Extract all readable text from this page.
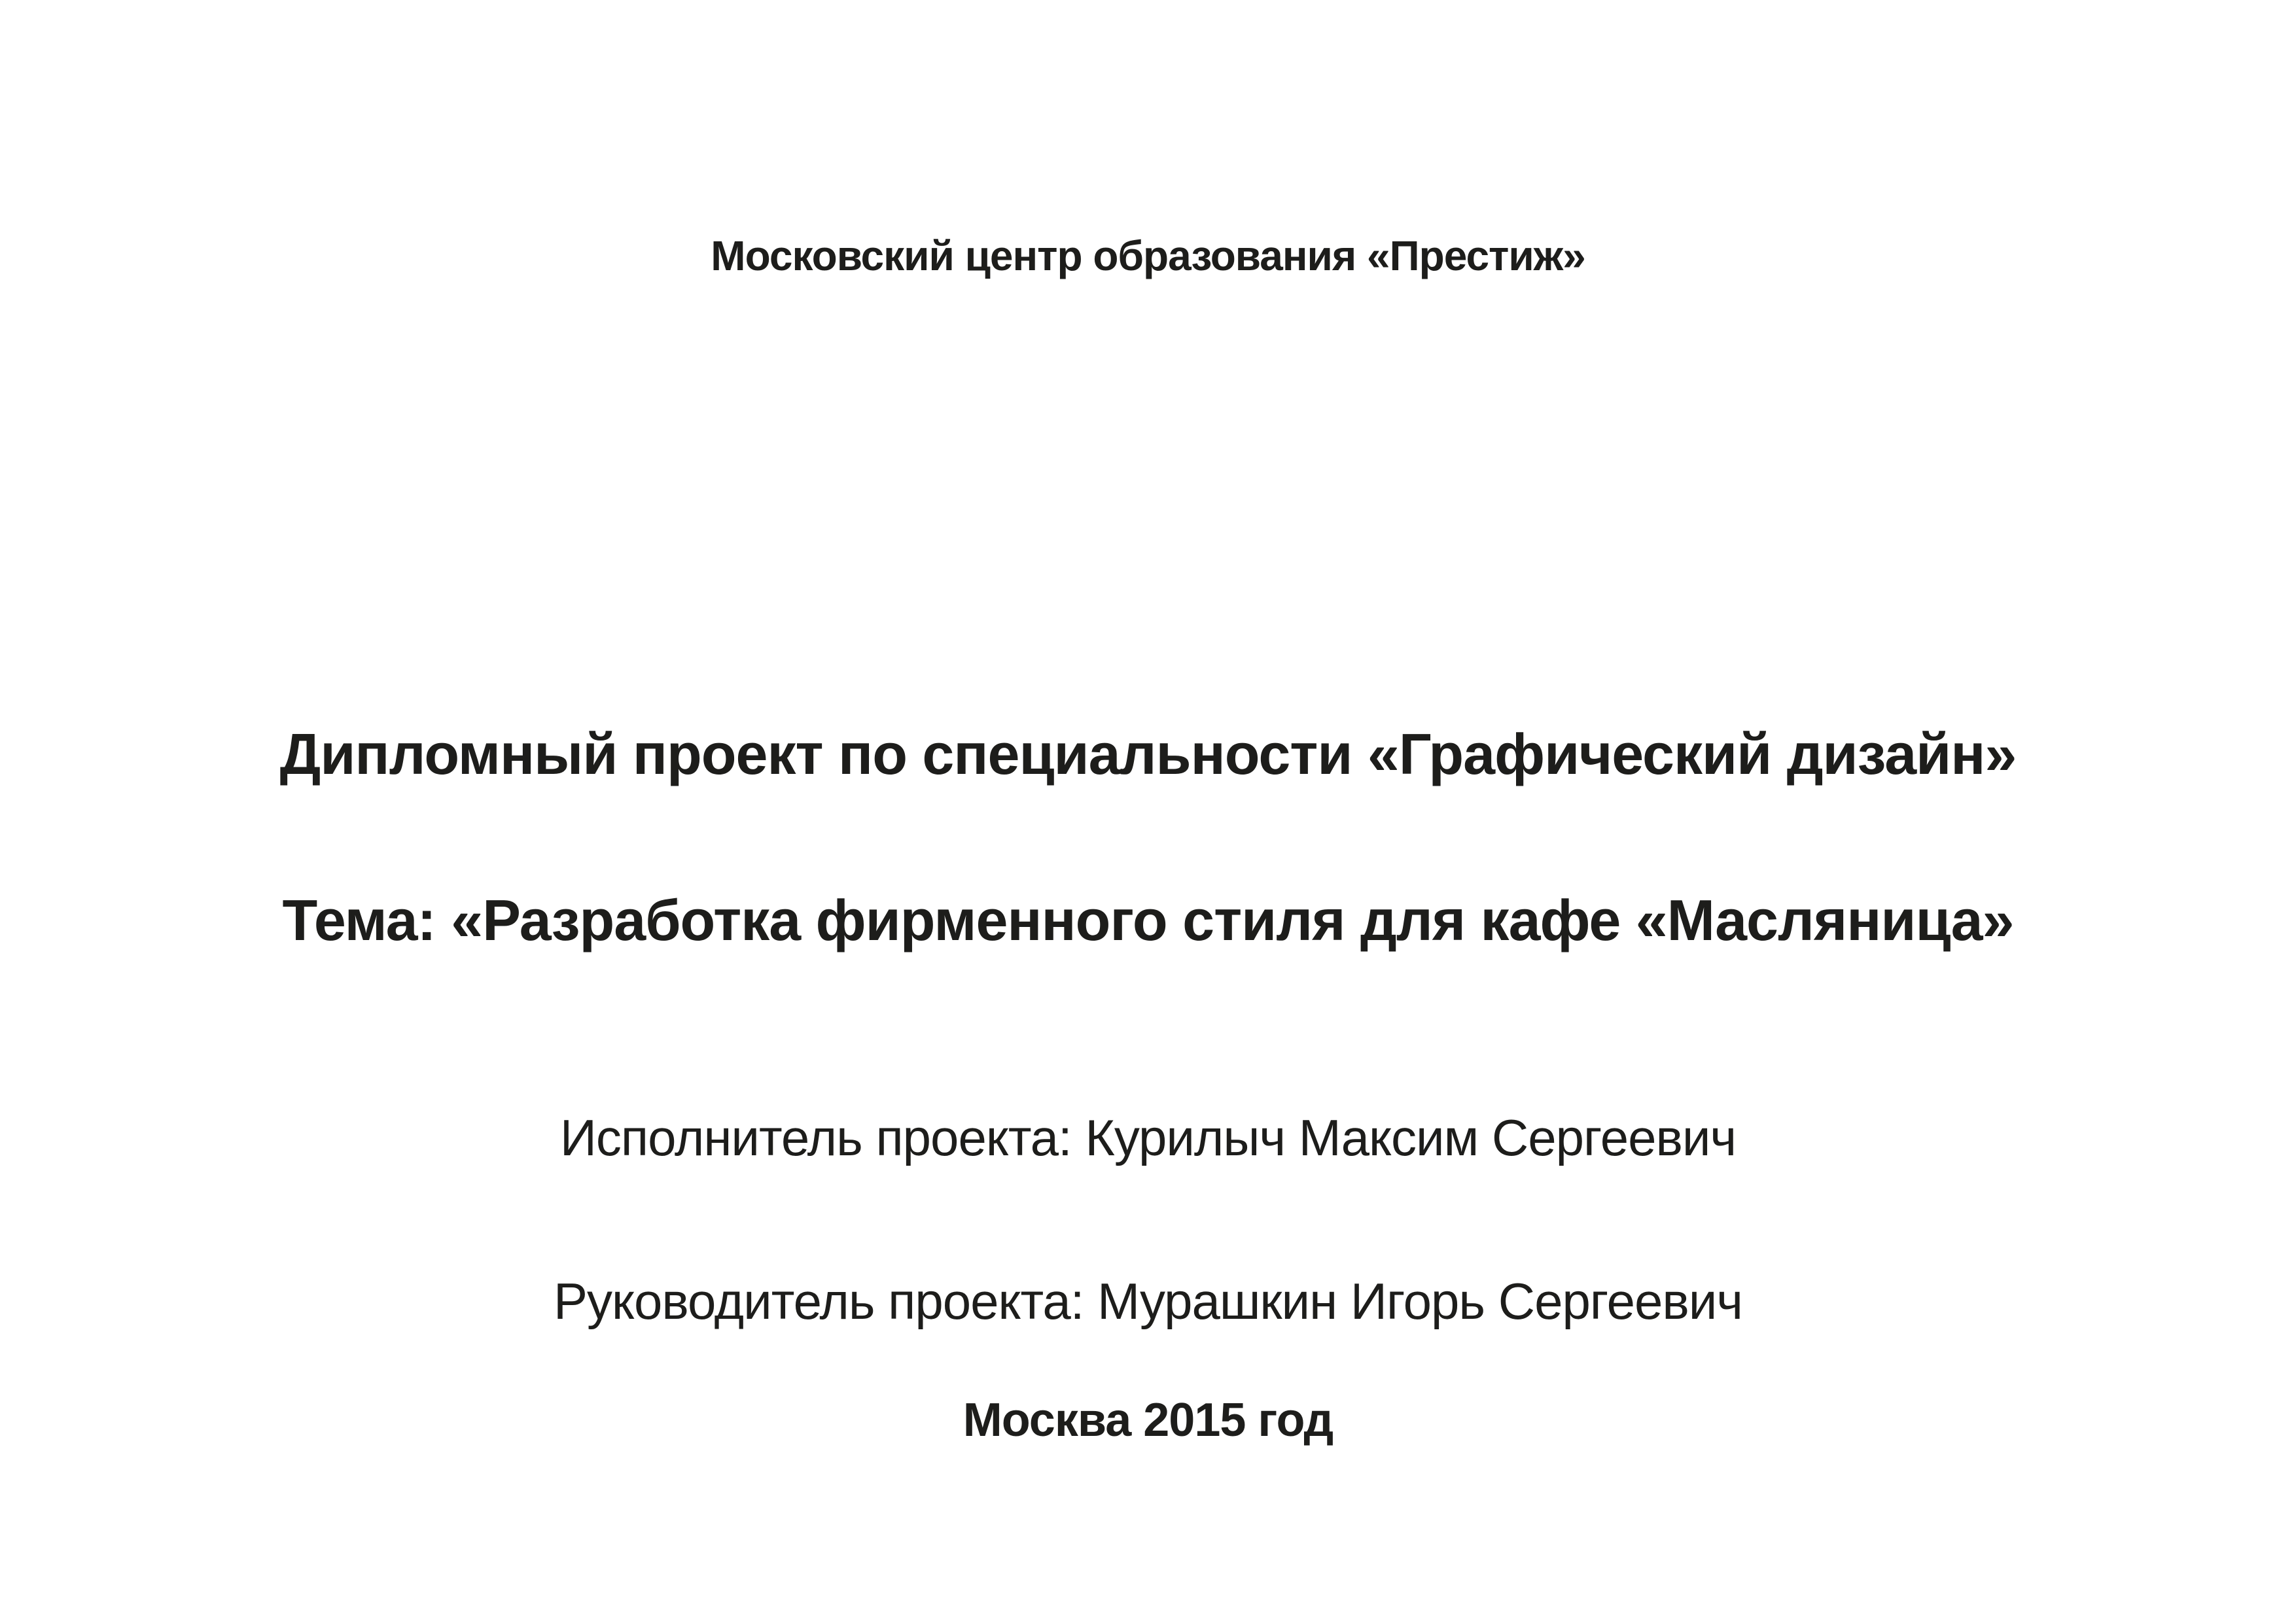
Московский центр образования «Престиж»

Дипломный проект по специальности «Графический дизайн»

Тема: «Разработка фирменного стиля для кафе «Масляница»

Исполнитель проекта: Курилыч Максим Сергеевич

Руководитель проекта: Мурашкин Игорь Сергеевич

Москва 2015 год
